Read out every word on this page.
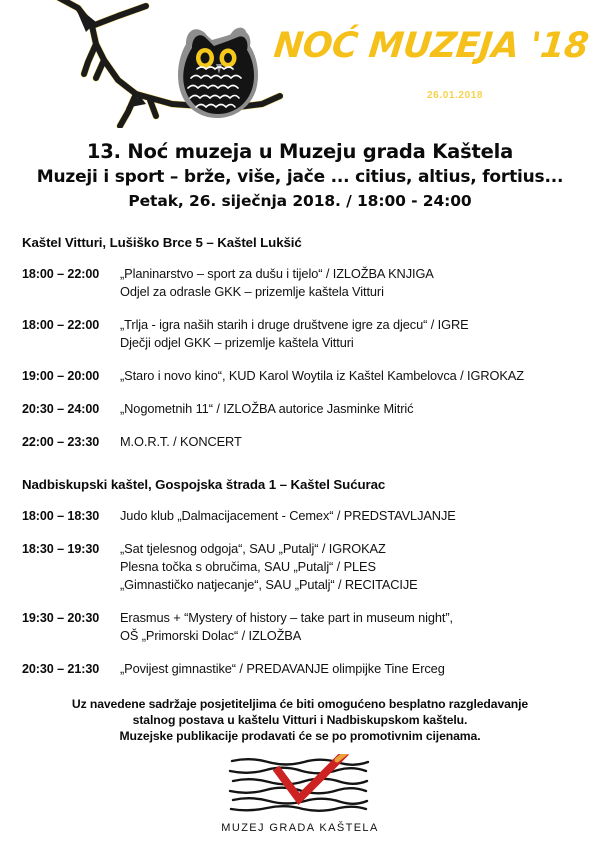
NOĆ MUZEJA '18
26.01.2018
13. Noć muzeja u Muzeju grada Kaštela
Muzeji i sport – brže, više, jače ... citius, altius, fortius...
Petak, 26. siječnja 2018. / 18:00 - 24:00
Kaštel Vitturi, Lušiško Brce 5 – Kaštel Lukšić
18:00 – 22:00	„Planinarstvo – sport za dušu i tijelo“ / IZLOŽBA KNJIGA
Odjel za odrasle GKK – prizemlje kaštela Vitturi
18:00 – 22:00	„Trlja - igra naših starih i druge društvene igre za djecu“ / IGRE
Dječji odjel GKK – prizemlje kaštela Vitturi
19:00 – 20:00	„Staro i novo kino“, KUD Karol Woytila iz Kaštel Kambelovca / IGROKAZ
20:30 – 24:00	„Nogometnih 11“ / IZLOŽBA autorice Jasminke Mitrić
22:00 – 23:30	M.O.R.T. / KONCERT
Nadbiskupski kaštel, Gospojska štrada 1 – Kaštel Sućurac
18:00 – 18:30	Judo klub „Dalmacijacement - Cemex“ / PREDSTAVLJANJE
18:30 – 19:30	„Sat tjelesnog odgoja“, SAU „Putalj“ / IGROKAZ
Plesna točka s obručima, SAU „Putalj“ / PLES
„Gimnastičko natjecanje“, SAU „Putalj“ / RECITACIJE
19:30 – 20:30	Erasmus + “Mystery of history – take part in museum night”,
OŠ „Primorski Dolac“ / IZLOŽBA
20:30 – 21:30	„Povijest gimnastike“ / PREDAVANJE olimpijke Tine Erceg
Uz navedene sadržaje posjetiteljima će biti omogućeno besplatno razgledavanje
stalnog postava u kaštelu Vitturi i Nadbiskupskom kaštelu.
Muzejske publikacije prodavati će se po promotivnim cijenama.
MUZEJ GRADA KAŠTELA
